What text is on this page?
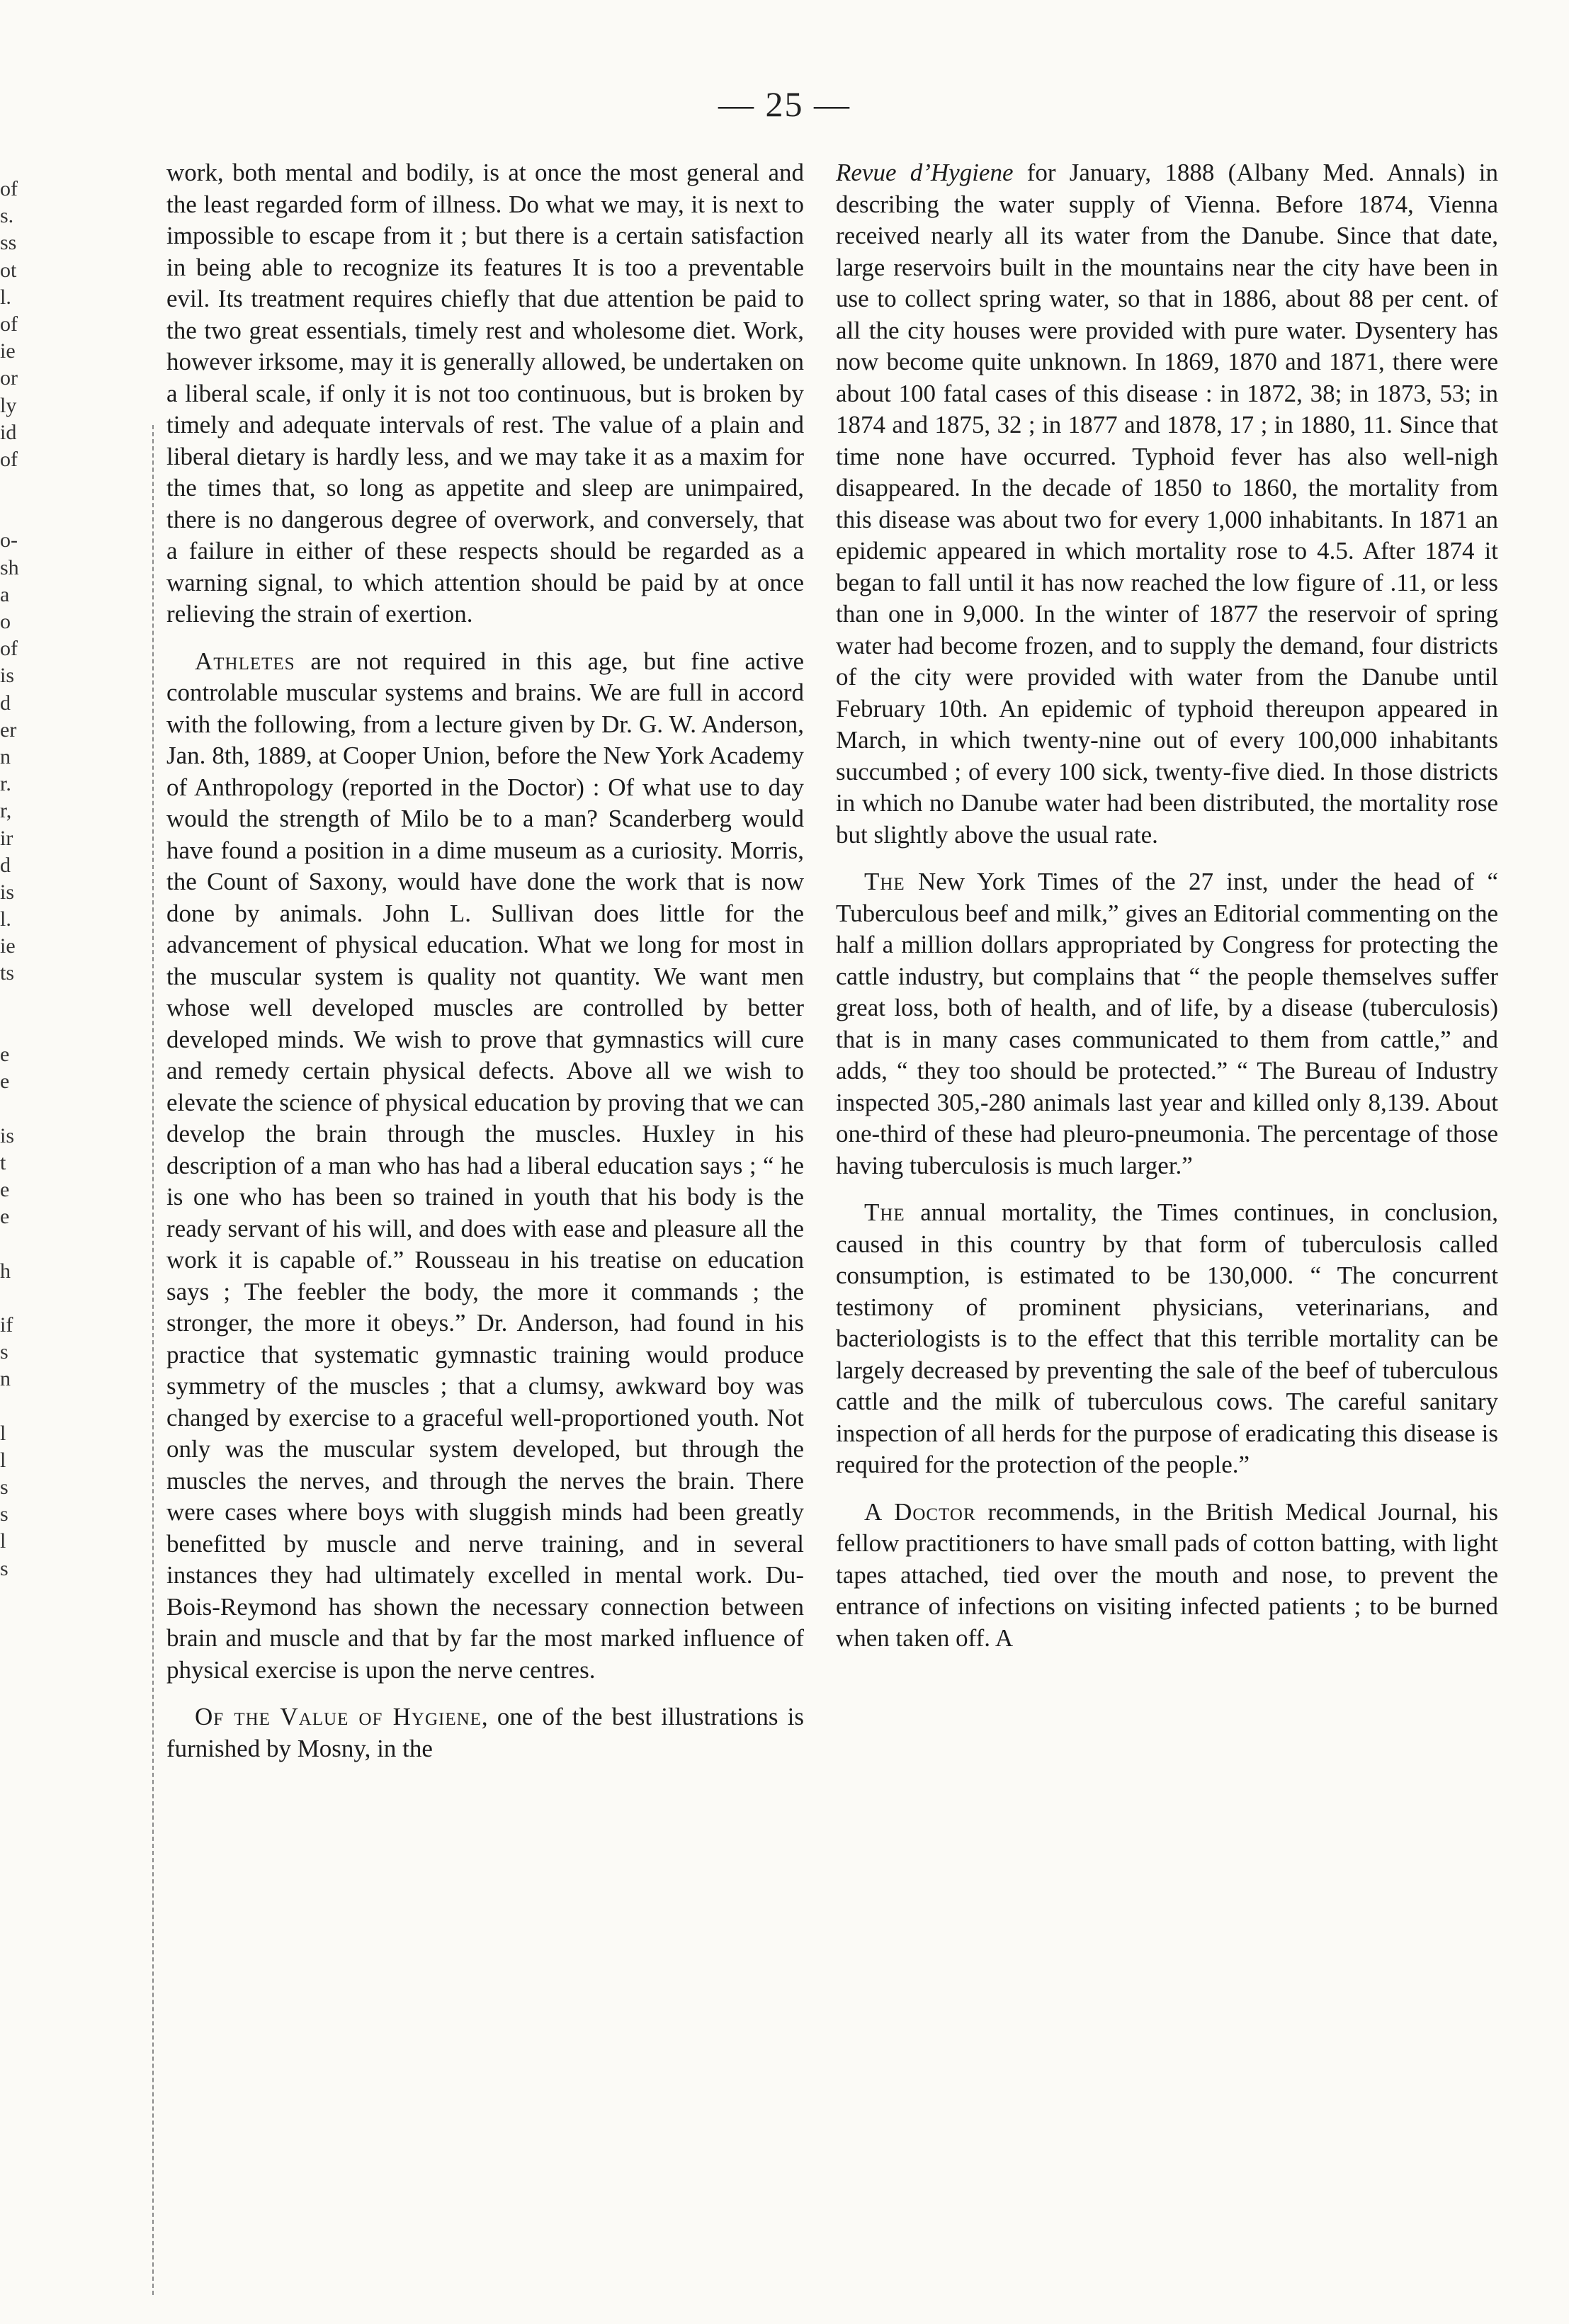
— 25 —
of
s.
ss
ot
l.
of
ie
or
ly
id
of
o-
sh
a
o
of
is
d
er
n
r.
r,
ir
d
is
l.
ie
ts
e
e
is
t
e
e
h
if
s
n
l
l
s
s
l
s

work, both mental and bodily, is at once the most general and the least regarded form of illness. Do what we may, it is next to impossible to escape from it ; but there is a certain satisfaction in being able to recognize its features It is too a preventable evil. Its treatment requires chiefly that due attention be paid to the two great essentials, timely rest and wholesome diet. Work, however irksome, may it is generally allowed, be undertaken on a liberal scale, if only it is not too continuous, but is broken by timely and adequate intervals of rest. The value of a plain and liberal dietary is hardly less, and we may take it as a maxim for the times that, so long as appetite and sleep are unimpaired, there is no dangerous degree of overwork, and conversely, that a failure in either of these respects should be regarded as a warning signal, to which attention should be paid by at once relieving the strain of exertion.

Athletes are not required in this age, but fine active controlable muscular systems and brains. We are full in accord with the following, from a lecture given by Dr. G. W. Anderson, Jan. 8th, 1889, at Cooper Union, before the New York Academy of Anthropology (reported in the Doctor) : Of what use to day would the strength of Milo be to a man? Scanderberg would have found a position in a dime museum as a curiosity. Morris, the Count of Saxony, would have done the work that is now done by animals. John L. Sullivan does little for the advancement of physical education. What we long for most in the muscular system is quality not quantity. We want men whose well developed muscles are controlled by better developed minds. We wish to prove that gymnastics will cure and remedy certain physical defects. Above all we wish to elevate the science of physical education by proving that we can develop the brain through the muscles. Huxley in his description of a man who has had a liberal education says ; “ he is one who has been so trained in youth that his body is the ready servant of his will, and does with ease and pleasure all the work it is capable of.” Rousseau in his treatise on education says ; The feebler the body, the more it commands ; the stronger, the more it obeys.” Dr. Anderson, had found in his practice that systematic gymnastic training would produce symmetry of the muscles ; that a clumsy, awkward boy was changed by exercise to a graceful well-proportioned youth. Not only was the muscular system developed, but through the muscles the nerves, and through the nerves the brain. There were cases where boys with sluggish minds had been greatly benefitted by muscle and nerve training, and in several instances they had ultimately excelled in mental work. Du-Bois-Reymond has shown the necessary connection between brain and muscle and that by far the most marked influence of physical exercise is upon the nerve centres.

Of the Value of Hygiene, one of the best illustrations is furnished by Mosny, in the

Revue d’Hygiene for January, 1888 (Albany Med. Annals) in describing the water supply of Vienna. Before 1874, Vienna received nearly all its water from the Danube. Since that date, large reservoirs built in the mountains near the city have been in use to collect spring water, so that in 1886, about 88 per cent. of all the city houses were provided with pure water. Dysentery has now become quite unknown. In 1869, 1870 and 1871, there were about 100 fatal cases of this disease : in 1872, 38; in 1873, 53; in 1874 and 1875, 32 ; in 1877 and 1878, 17 ; in 1880, 11. Since that time none have occurred. Typhoid fever has also well-nigh disappeared. In the decade of 1850 to 1860, the mortality from this disease was about two for every 1,000 inhabitants. In 1871 an epidemic appeared in which mortality rose to 4.5. After 1874 it began to fall until it has now reached the low figure of .11, or less than one in 9,000. In the winter of 1877 the reservoir of spring water had become frozen, and to supply the demand, four districts of the city were provided with water from the Danube until February 10th. An epidemic of typhoid thereupon appeared in March, in which twenty-nine out of every 100,000 inhabitants succumbed ; of every 100 sick, twenty-five died. In those districts in which no Danube water had been distributed, the mortality rose but slightly above the usual rate.

The New York Times of the 27 inst, under the head of “ Tuberculous beef and milk,” gives an Editorial commenting on the half a million dollars appropriated by Congress for protecting the cattle industry, but complains that “ the people themselves suffer great loss, both of health, and of life, by a disease (tuberculosis) that is in many cases communicated to them from cattle,” and adds, “ they too should be protected.” “ The Bureau of Industry inspected 305,-280 animals last year and killed only 8,139. About one-third of these had pleuro-pneumonia. The percentage of those having tuberculosis is much larger.”

The annual mortality, the Times continues, in conclusion, caused in this country by that form of tuberculosis called consumption, is estimated to be 130,000. “ The concurrent testimony of prominent physicians, veterinarians, and bacteriologists is to the effect that this terrible mortality can be largely decreased by preventing the sale of the beef of tuberculous cattle and the milk of tuberculous cows. The careful sanitary inspection of all herds for the purpose of eradicating this disease is required for the protection of the people.”

A Doctor recommends, in the British Medical Journal, his fellow practitioners to have small pads of cotton batting, with light tapes attached, tied over the mouth and nose, to prevent the entrance of infections on visiting infected patients ; to be burned when taken off. A
